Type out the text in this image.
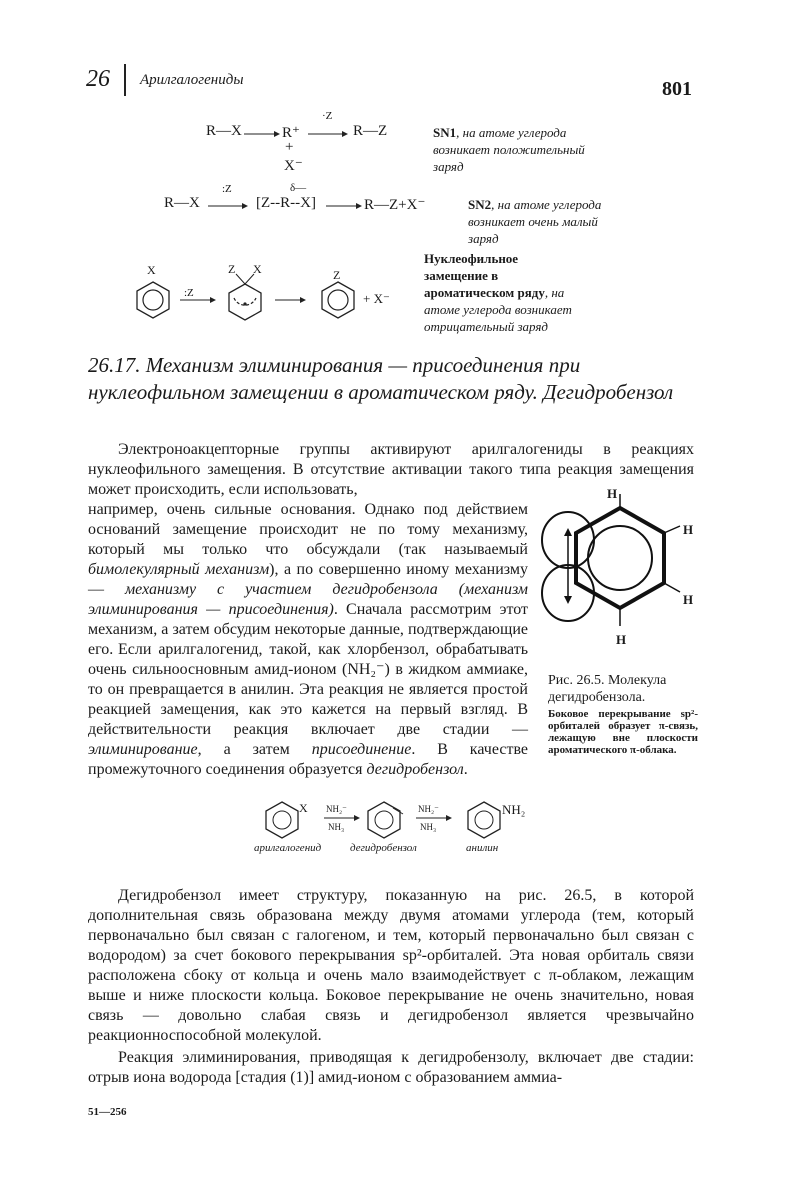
26 Арилгалогениды	801
R—X	R⁺
·Z
R—Z
+
X⁻
SN1, на атоме углерода возникает положительный заряд
R—X
:Z
[Z--R--X]
δ—
R—Z+X⁻	SN2, на атоме углерода возникает очень малый заряд
X
:Z
Z X	Z
+ X⁻
Нуклеофильное замещение в ароматическом ряду, на атоме углерода возникает отрицательный заряд
26.17. Механизм элиминирования — присоединения при нуклеофильном замещении в ароматическом ряду. Дегидробензол
Электроноакцепторные группы активируют арилгалогениды в реакциях нуклеофильного замещения. В отсутствие активации такого типа реакция замещения может происходить, если использовать,
например, очень сильные основания. Однако под действием оснований замещение происходит не по тому механизму, который мы только что обсуждали (так называемый бимолекулярный механизм), а по совершенно иному механизму — механизму с участием дегидробензола (механизм элиминирования — присоединения). Сначала рассмотрим этот механизм, а затем обсудим некоторые данные, подтверждающие его. Если арилгалогенид, такой, как хлорбензол, обрабатывать очень сильноосновным амид-ионом (NH₂⁻) в жидком аммиаке, то он превращается в анилин. Эта реакция не является простой реакцией замещения, как это кажется на первый взгляд. В действительности реакция включает две стадии — элиминирование, а затем присоединение. В качестве промежуточного соединения образуется дегидробензол.
H
H
H
H
Рис. 26.5. Молекула дегидробензола.
Боковое перекрывание sp²-орбиталей образует π-связь, лежащую вне плоскости ароматического π-облака.
X NH₂⁻
NH₃
NH₂⁻
NH₃
NH₂
арилгалогенид	дегидробензол	анилин
Дегидробензол имеет структуру, показанную на рис. 26.5, в которой дополнительная связь образована между двумя атомами углерода (тем, который первоначально был связан с галогеном, и тем, который первоначально был связан с водородом) за счет бокового перекрывания sp²-орбиталей. Эта новая орбиталь связи расположена сбоку от кольца и очень мало взаимодействует с π-облаком, лежащим выше и ниже плоскости кольца. Боковое перекрывание не очень значительно, новая связь — довольно слабая связь и дегидробензол является чрезвычайно реакционноспособной молекулой.
Реакция элиминирования, приводящая к дегидробензолу, включает две стадии: отрыв иона водорода [стадия (1)] амид-ионом с образованием аммиа-
51—256
